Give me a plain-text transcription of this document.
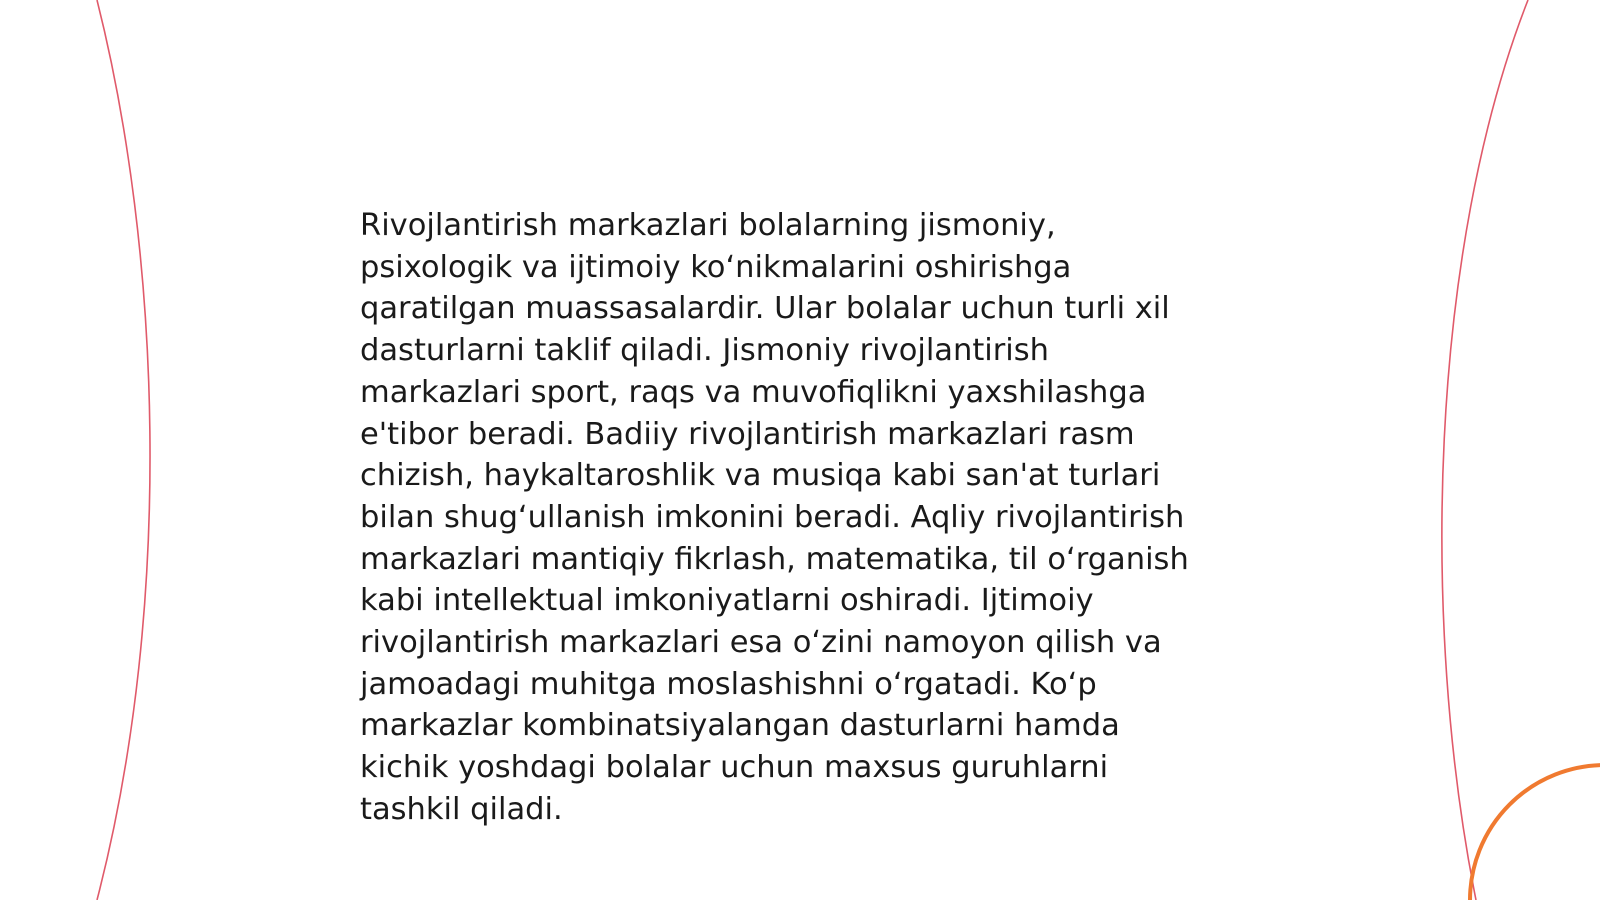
Rivojlantirish markazlari bolalarning jismoniy,
psixologik va ijtimoiy koʻnikmalarini oshirishga
qaratilgan muassasalardir. Ular bolalar uchun turli xil
dasturlarni taklif qiladi. Jismoniy rivojlantirish
markazlari sport, raqs va muvofiqlikni yaxshilashga
e'tibor beradi. Badiiy rivojlantirish markazlari rasm
chizish, haykaltaroshlik va musiqa kabi san'at turlari
bilan shugʻullanish imkonini beradi. Aqliy rivojlantirish
markazlari mantiqiy fikrlash, matematika, til oʻrganish
kabi intellektual imkoniyatlarni oshiradi. Ijtimoiy
rivojlantirish markazlari esa oʻzini namoyon qilish va
jamoadagi muhitga moslashishni oʻrgatadi. Koʻp
markazlar kombinatsiyalangan dasturlarni hamda
kichik yoshdagi bolalar uchun maxsus guruhlarni
tashkil qiladi.
